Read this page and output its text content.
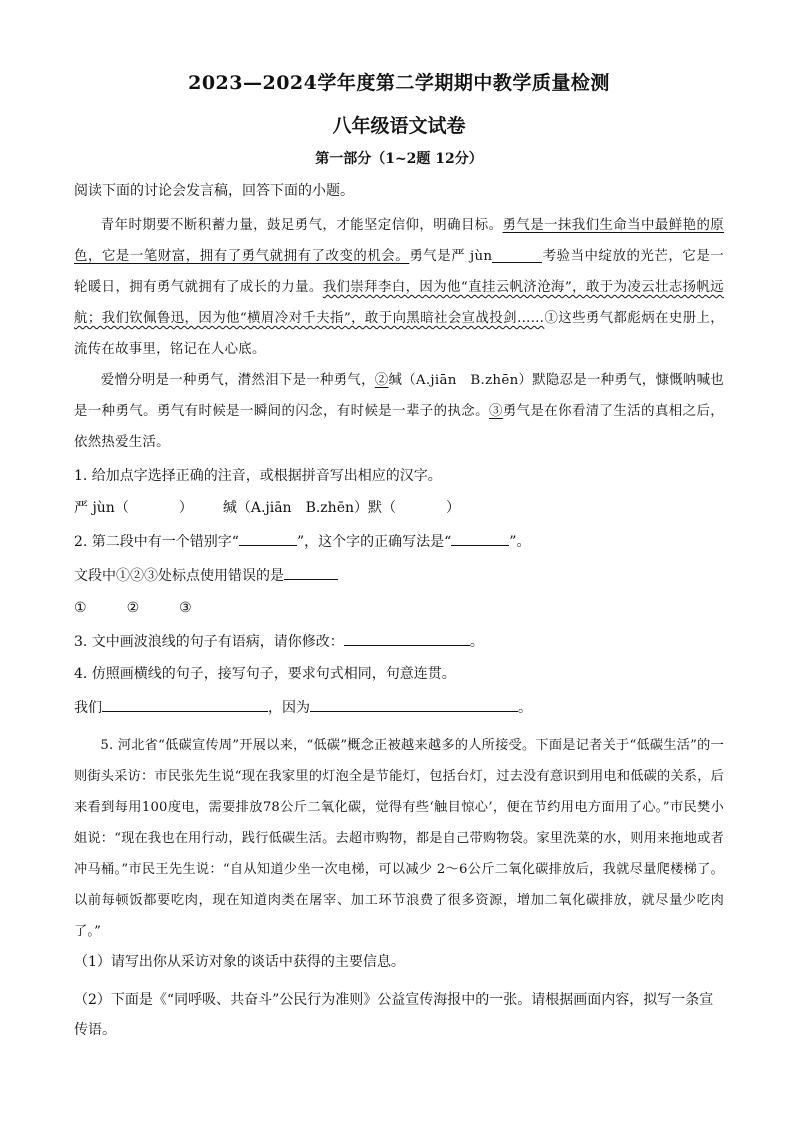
2023—2024学年度第二学期期中教学质量检测
八年级语文试卷
第一部分（1~2题 12分）
阅读下面的讨论会发言稿，回答下面的小题。

青年时期要不断积蓄力量，鼓足勇气，才能坚定信仰，明确目标。勇气是一抹我们生命当中最鲜艳的原色，它是一笔财富，拥有了勇气就拥有了改变的机会。勇气是严 jùn	考验当中绽放的光芒，它是一轮暖日，拥有勇气就拥有了成长的力量。我们崇拜李白，因为他“直挂云帆济沧海”，敢于为凌云壮志扬帆远航；我们钦佩鲁迅，因为他“横眉冷对千夫指”，敢于向黑暗社会宣战投剑……①这些勇气都彪炳在史册上，流传在故事里，铭记在人心底。

爱憎分明是一种勇气，潸然泪下是一种勇气，②缄（A.jiān　B.zhēn）默隐忍是一种勇气，慷慨呐喊也是一种勇气。勇气有时候是一瞬间的闪念，有时候是一辈子的执念。③勇气是在你看清了生活的真相之后，依然热爱生活。

1. 给加点字选择正确的注音，或根据拼音写出相应的汉字。
严 jùn（	） 缄（A.jiān　B.zhēn）默（	）
2. 第二段中有一个错别字“	”，这个字的正确写法是“	”。
文段中①②③处标点使用错误的是
①	②	③
3. 文中画波浪线的句子有语病，请你修改：	。
4. 仿照画横线的句子，接写句子，要求句式相同，句意连贯。
我们	，因为	。

5. 河北省“低碳宣传周”开展以来，“低碳”概念正被越来越多的人所接受。下面是记者关于“低碳生活”的一则街头采访：市民张先生说“现在我家里的灯泡全是节能灯，包括台灯，过去没有意识到用电和低碳的关系，后来看到每用100度电，需要排放78公斤二氧化碳，觉得有些‘触目惊心’，便在节约用电方面用了心。”市民樊小姐说：“现在我也在用行动，践行低碳生活。去超市购物，都是自己带购物袋。家里洗菜的水，则用来拖地或者冲马桶。”市民王先生说：“自从知道少坐一次电梯，可以减少 2～6公斤二氧化碳排放后，我就尽量爬楼梯了。以前每顿饭都要吃肉，现在知道肉类在屠宰、加工环节浪费了很多资源，增加二氧化碳排放，就尽量少吃肉了。”

（1）请写出你从采访对象的谈话中获得的主要信息。
（2）下面是《“同呼吸、共奋斗”公民行为准则》公益宣传海报中的一张。请根据画面内容，拟写一条宣传语。
